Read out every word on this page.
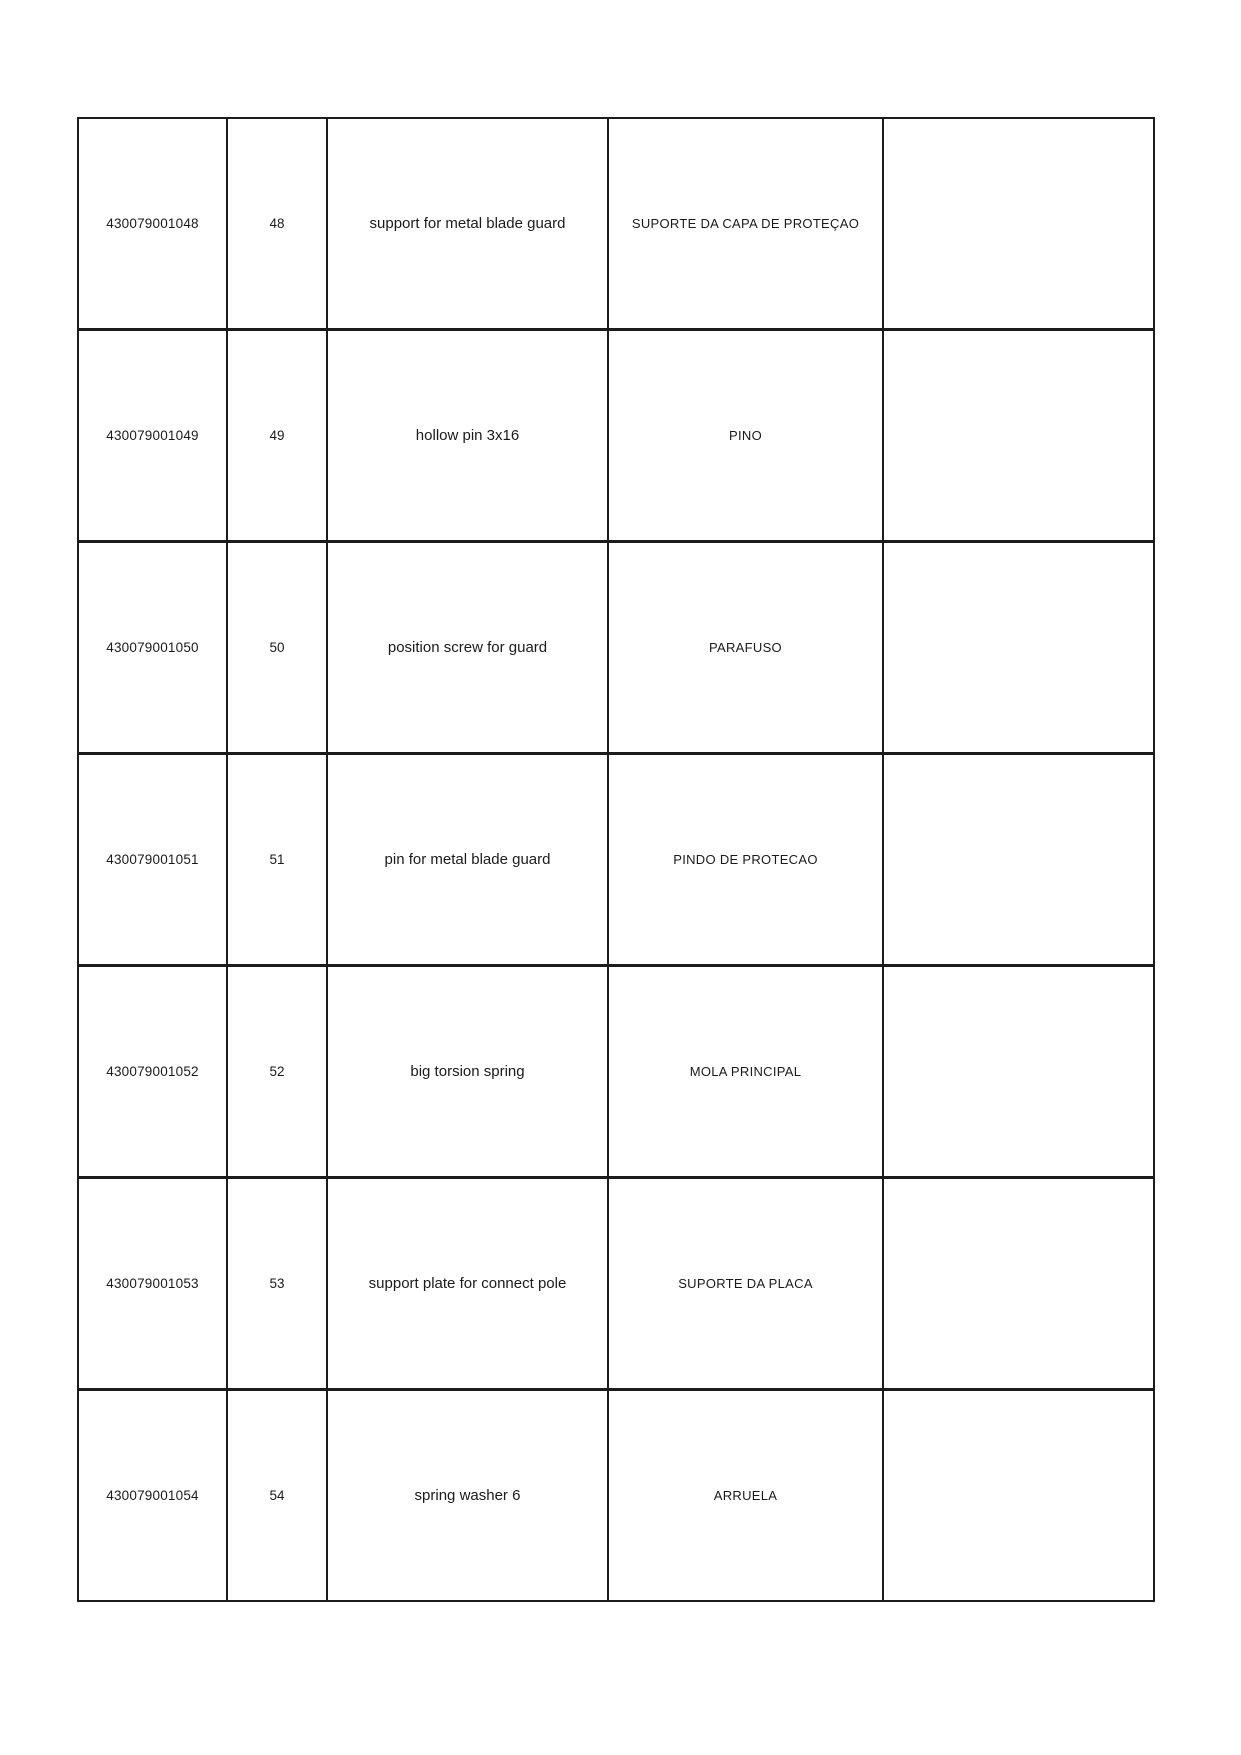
430079001048	48	support for metal blade guard	SUPORTE DA CAPA DE PROTEÇAO	
430079001049	49	hollow pin 3x16	PINO	
430079001050	50	position screw for guard	PARAFUSO	
430079001051	51	pin for metal blade guard	PINDO DE PROTECAO	
430079001052	52	big torsion spring	MOLA PRINCIPAL	
430079001053	53	support plate for connect pole	SUPORTE DA PLACA	
430079001054	54	spring washer 6	ARRUELA	
